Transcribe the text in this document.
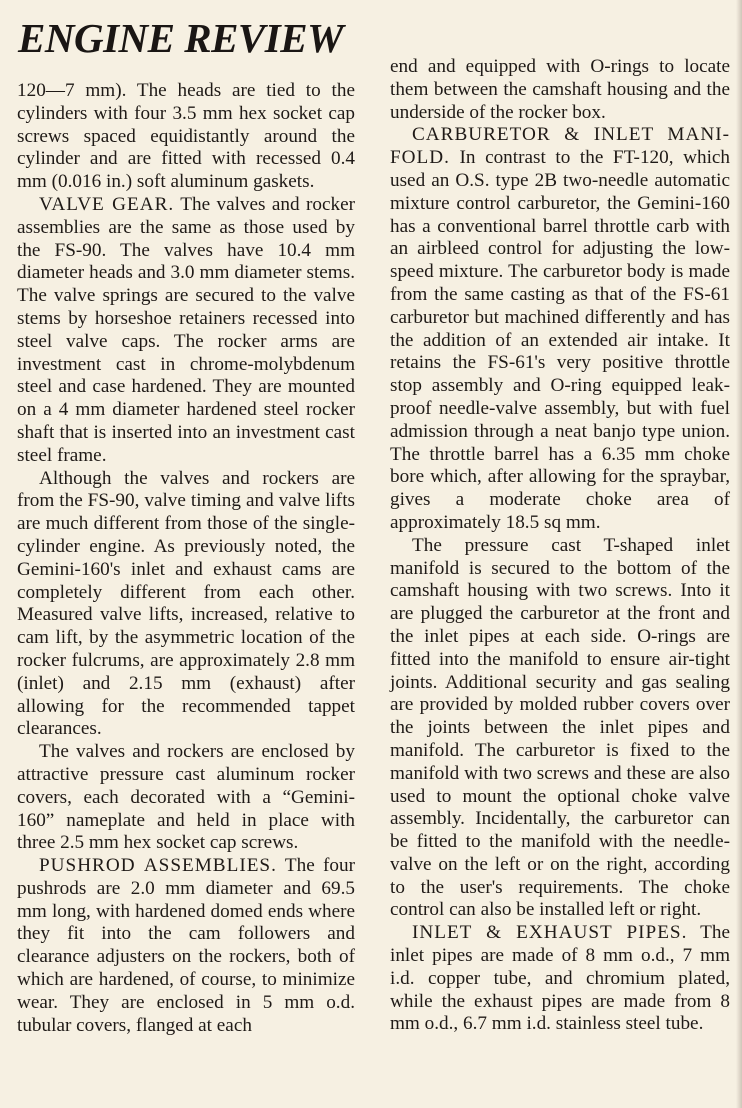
ENGINE REVIEW

120—7 mm). The heads are tied to the cylinders with four 3.5 mm hex socket cap screws spaced equidistantly around the cylinder and are fitted with recessed 0.4 mm (0.016 in.) soft aluminum gaskets.

VALVE GEAR. The valves and rocker assemblies are the same as those used by the FS-90. The valves have 10.4 mm diameter heads and 3.0 mm diameter stems. The valve springs are secured to the valve stems by horseshoe retainers recessed into steel valve caps. The rocker arms are investment cast in chrome-molybdenum steel and case hardened. They are mounted on a 4 mm diameter hardened steel rocker shaft that is inserted into an investment cast steel frame.

Although the valves and rockers are from the FS-90, valve timing and valve lifts are much different from those of the single-cylinder engine. As previously noted, the Gemini-160's inlet and exhaust cams are completely different from each other. Measured valve lifts, increased, relative to cam lift, by the asymmetric location of the rocker fulcrums, are approximately 2.8 mm (inlet) and 2.15 mm (exhaust) after allowing for the recommended tappet clearances.

The valves and rockers are enclosed by attractive pressure cast aluminum rocker covers, each decorated with a “Gemini-160” nameplate and held in place with three 2.5 mm hex socket cap screws.

PUSHROD ASSEMBLIES. The four pushrods are 2.0 mm diameter and 69.5 mm long, with hardened domed ends where they fit into the cam followers and clearance adjusters on the rockers, both of which are hardened, of course, to minimize wear. They are enclosed in 5 mm o.d. tubular covers, flanged at each

end and equipped with O-rings to locate them between the camshaft housing and the underside of the rocker box.

CARBURETOR & INLET MANI-FOLD. In contrast to the FT-120, which used an O.S. type 2B two-needle automatic mixture control carburetor, the Gemini-160 has a conventional barrel throttle carb with an airbleed control for adjusting the low-speed mixture. The carburetor body is made from the same casting as that of the FS-61 carburetor but machined differently and has the addition of an extended air intake. It retains the FS-61's very positive throttle stop assembly and O-ring equipped leak-proof needle-valve assembly, but with fuel admission through a neat banjo type union. The throttle barrel has a 6.35 mm choke bore which, after allowing for the spraybar, gives a moderate choke area of approximately 18.5 sq mm.

The pressure cast T-shaped inlet manifold is secured to the bottom of the camshaft housing with two screws. Into it are plugged the carburetor at the front and the inlet pipes at each side. O-rings are fitted into the manifold to ensure air-tight joints. Additional security and gas sealing are provided by molded rubber covers over the joints between the inlet pipes and manifold. The carburetor is fixed to the manifold with two screws and these are also used to mount the optional choke valve assembly. Incidentally, the carburetor can be fitted to the manifold with the needle-valve on the left or on the right, according to the user's requirements. The choke control can also be installed left or right.

INLET & EXHAUST PIPES. The inlet pipes are made of 8 mm o.d., 7 mm i.d. copper tube, and chromium plated, while the exhaust pipes are made from 8 mm o.d., 6.7 mm i.d. stainless steel tube.
